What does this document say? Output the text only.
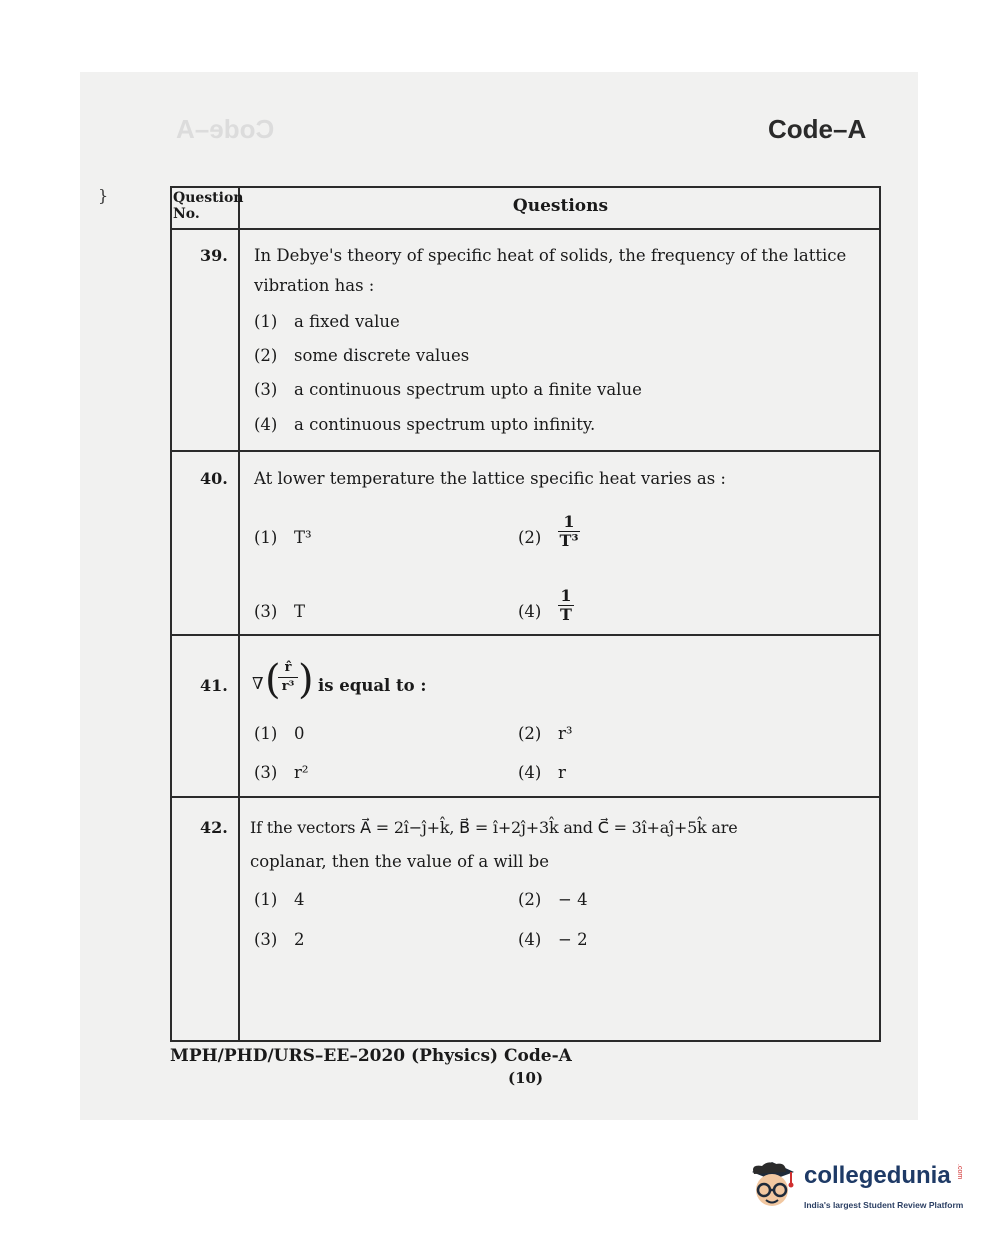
Code–A	Code–A
}	Question No.	Questions
39. In Debye's theory of specific heat of solids, the frequency of the lattice
vibration has :
(1) a fixed value
(2) some discrete values
(3) a continuous spectrum upto a finite value
(4) a continuous spectrum upto infinity.
40. At lower temperature the lattice specific heat varies as :
(1) T³	(2)
1
T³
(3) T	(4)
1
T
41. ∇ ( r̂
r³ ) is equal to :
(1) 0	(2) r³
(3) r²	(4) r
42. If the vectors A⃗ = 2î−ĵ+k̂, B⃗ = î+2ĵ+3k̂ and C⃗ = 3î+aĵ+5k̂ are
coplanar, then the value of a will be
(1) 4	(2) − 4
(3) 2	(4) − 2
MPH/PHD/URS–EE–2020 (Physics) Code-A
(10)
collegedunia .com
India's largest Student Review Platform
